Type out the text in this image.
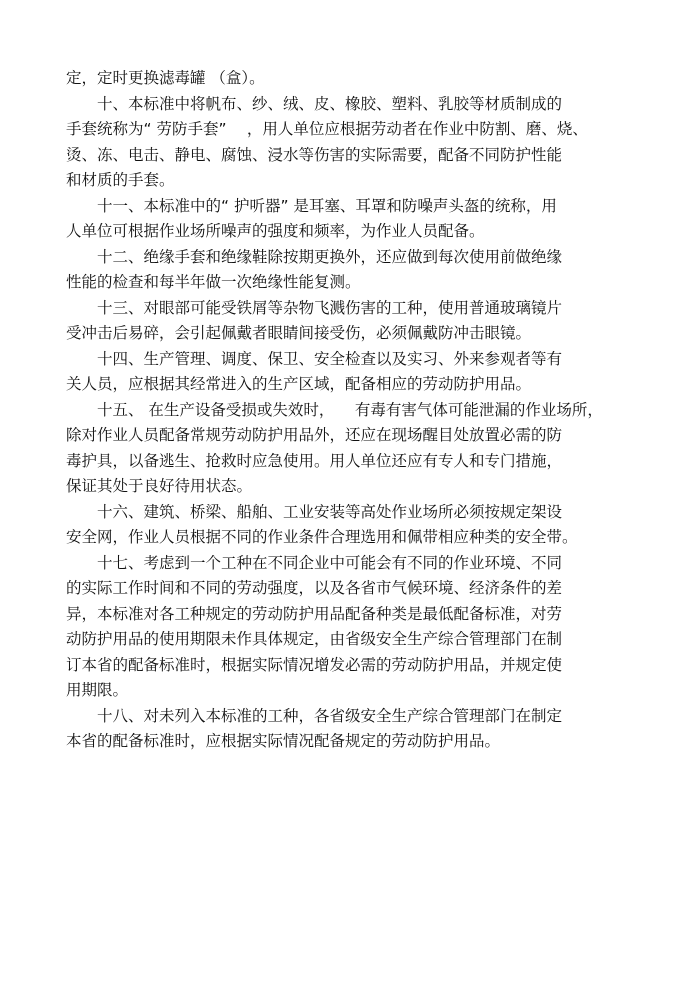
定，定时更换滤毒罐 （盒）。
十、本标准中将帆布、纱、绒、皮、橡胶、塑料、乳胶等材质制成的
手套统称为“ 劳防手套”　 ，用人单位应根据劳动者在作业中防割、磨、烧、
烫、冻、电击、静电、腐蚀、浸水等伤害的实际需要，配备不同防护性能
和材质的手套。
十一、本标准中的“ 护听器” 是耳塞、耳罩和防噪声头盔的统称，用
人单位可根据作业场所噪声的强度和频率，为作业人员配备。
十二、绝缘手套和绝缘鞋除按期更换外，还应做到每次使用前做绝缘
性能的检查和每半年做一次绝缘性能复测。
十三、对眼部可能受铁屑等杂物飞溅伤害的工种，使用普通玻璃镜片
受冲击后易碎，会引起佩戴者眼睛间接受伤，必须佩戴防冲击眼镜。
十四、生产管理、调度、保卫、安全检查以及实习、外来参观者等有
关人员，应根据其经常进入的生产区域，配备相应的劳动防护用品。
十五、 在生产设备受损或失效时， 　有毒有害气体可能泄漏的作业场所，
除对作业人员配备常规劳动防护用品外，还应在现场醒目处放置必需的防
毒护具，以备逃生、抢救时应急使用。用人单位还应有专人和专门措施，
保证其处于良好待用状态。
十六、建筑、桥梁、船舶、工业安装等高处作业场所必须按规定架设
安全网，作业人员根据不同的作业条件合理选用和佩带相应种类的安全带。
十七、考虑到一个工种在不同企业中可能会有不同的作业环境、不同
的实际工作时间和不同的劳动强度，以及各省市气候环境、经济条件的差
异，本标准对各工种规定的劳动防护用品配备种类是最低配备标准，对劳
动防护用品的使用期限未作具体规定，由省级安全生产综合管理部门在制
订本省的配备标准时，根据实际情况增发必需的劳动防护用品，并规定使
用期限。
十八、对未列入本标准的工种，各省级安全生产综合管理部门在制定
本省的配备标准时，应根据实际情况配备规定的劳动防护用品。
